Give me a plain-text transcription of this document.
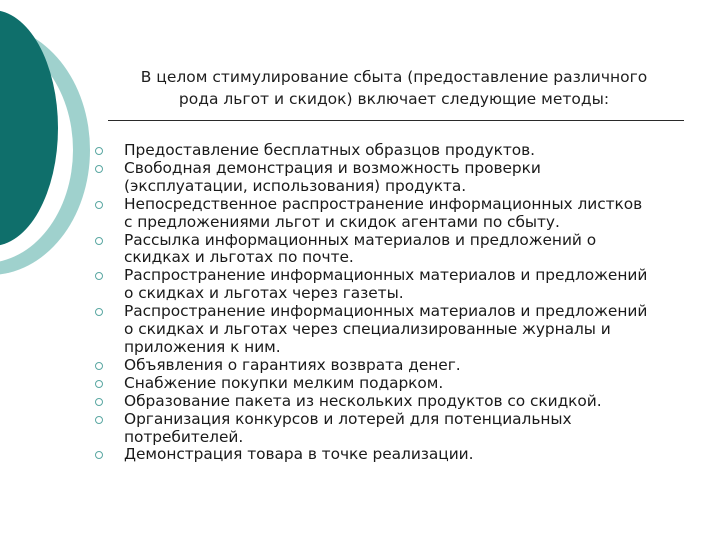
В целом стимулирование сбыта (предоставление различного
рода льгот и скидок) включает следующие методы:
Предоставление бесплатных образцов продуктов.
Свободная демонстрация и возможность проверки
(эксплуатации, использования) продукта.
Непосредственное распространение информационных листков
с предложениями льгот и скидок агентами по сбыту.
Рассылка информационных материалов и предложений о
скидках и льготах по почте.
Распространение информационных материалов и предложений
о скидках и льготах через газеты.
Распространение информационных материалов и предложений
о скидках и льготах через специализированные журналы и
приложения к ним.
Объявления о гарантиях возврата денег.
Снабжение покупки мелким подарком.
Образование пакета из нескольких продуктов со скидкой.
Организация конкурсов и лотерей для потенциальных
потребителей.
Демонстрация товара в точке реализации.
